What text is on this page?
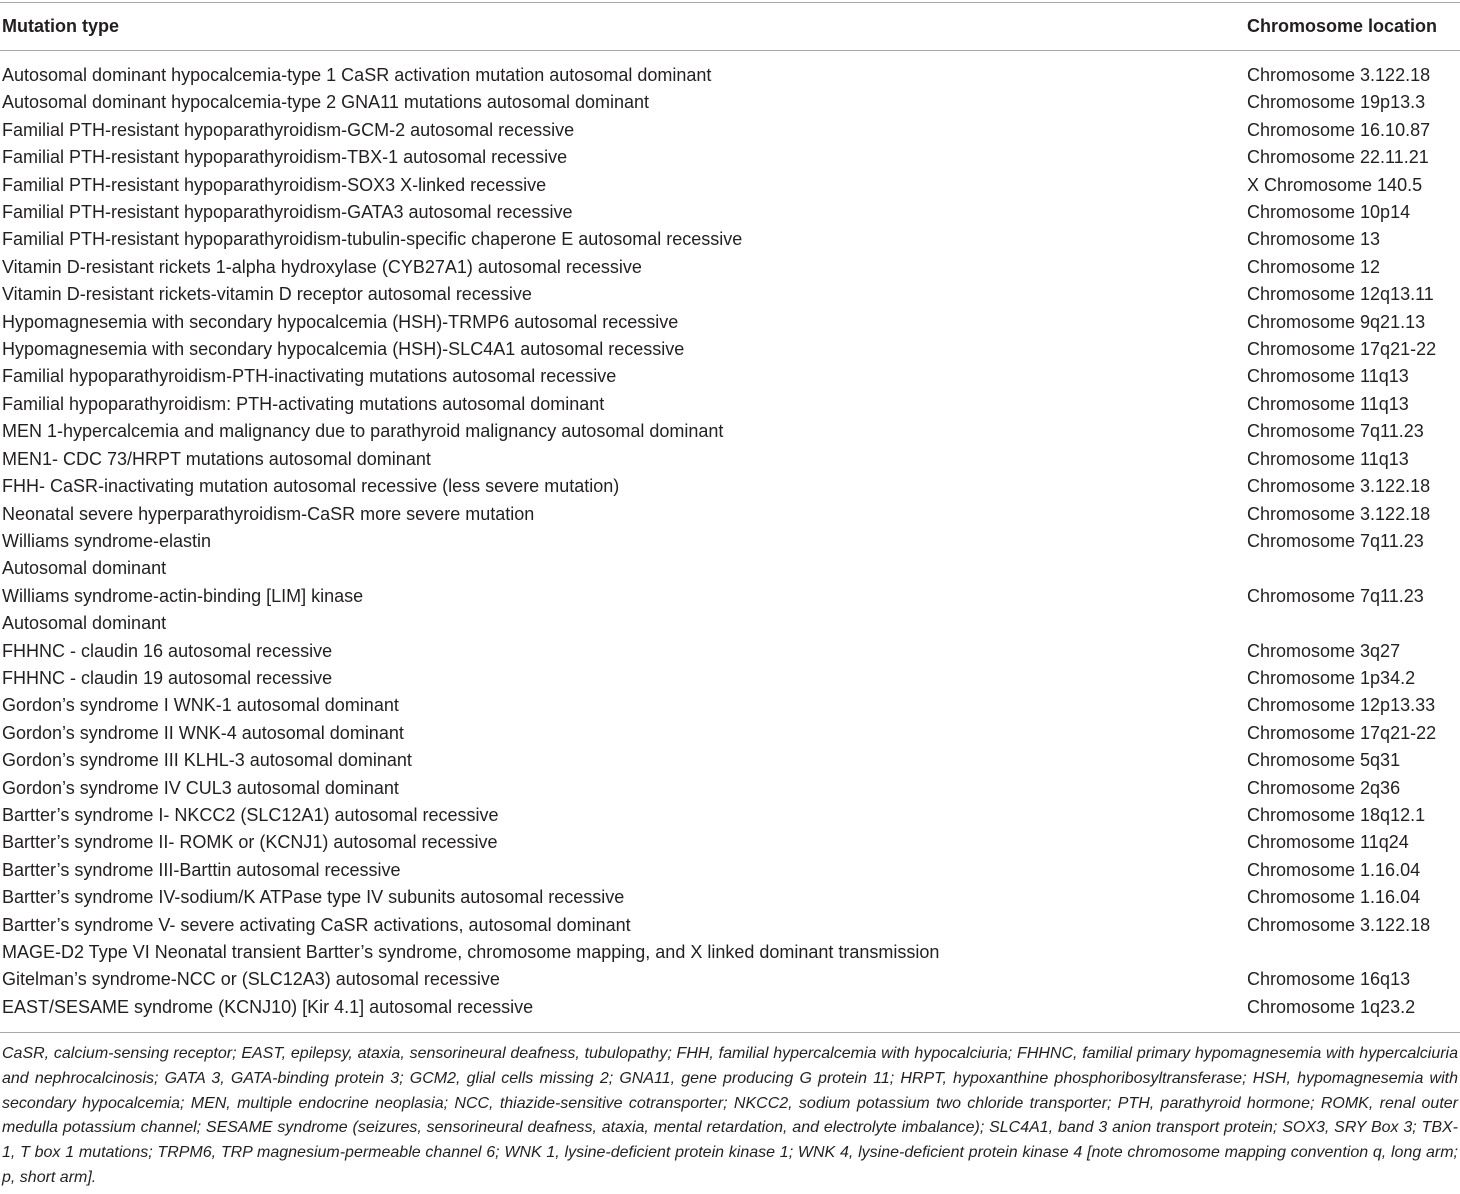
Mutation type	Chromosome location
Autosomal dominant hypocalcemia-type 1 CaSR activation mutation autosomal dominant	Chromosome 3.122.18
Autosomal dominant hypocalcemia-type 2 GNA11 mutations autosomal dominant	Chromosome 19p13.3
Familial PTH-resistant hypoparathyroidism-GCM-2 autosomal recessive	Chromosome 16.10.87
Familial PTH-resistant hypoparathyroidism-TBX-1 autosomal recessive	Chromosome 22.11.21
Familial PTH-resistant hypoparathyroidism-SOX3 X-linked recessive	X Chromosome 140.5
Familial PTH-resistant hypoparathyroidism-GATA3 autosomal recessive	Chromosome 10p14
Familial PTH-resistant hypoparathyroidism-tubulin-specific chaperone E autosomal recessive	Chromosome 13
Vitamin D-resistant rickets 1-alpha hydroxylase (CYB27A1) autosomal recessive	Chromosome 12
Vitamin D-resistant rickets-vitamin D receptor autosomal recessive	Chromosome 12q13.11
Hypomagnesemia with secondary hypocalcemia (HSH)-TRMP6 autosomal recessive	Chromosome 9q21.13
Hypomagnesemia with secondary hypocalcemia (HSH)-SLC4A1 autosomal recessive	Chromosome 17q21-22
Familial hypoparathyroidism-PTH-inactivating mutations autosomal recessive	Chromosome 11q13
Familial hypoparathyroidism: PTH-activating mutations autosomal dominant	Chromosome 11q13
MEN 1-hypercalcemia and malignancy due to parathyroid malignancy autosomal dominant	Chromosome 7q11.23
MEN1- CDC 73/HRPT mutations autosomal dominant	Chromosome 11q13
FHH- CaSR-inactivating mutation autosomal recessive (less severe mutation)	Chromosome 3.122.18
Neonatal severe hyperparathyroidism-CaSR more severe mutation	Chromosome 3.122.18
Williams syndrome-elastin	Chromosome 7q11.23
Autosomal dominant
Williams syndrome-actin-binding [LIM] kinase	Chromosome 7q11.23
Autosomal dominant
FHHNC - claudin 16 autosomal recessive	Chromosome 3q27
FHHNC - claudin 19 autosomal recessive	Chromosome 1p34.2
Gordon’s syndrome I WNK-1 autosomal dominant	Chromosome 12p13.33
Gordon’s syndrome II WNK-4 autosomal dominant	Chromosome 17q21-22
Gordon’s syndrome III KLHL-3 autosomal dominant	Chromosome 5q31
Gordon’s syndrome IV CUL3 autosomal dominant	Chromosome 2q36
Bartter’s syndrome I- NKCC2 (SLC12A1) autosomal recessive	Chromosome 18q12.1
Bartter’s syndrome II- ROMK or (KCNJ1) autosomal recessive	Chromosome 11q24
Bartter’s syndrome III-Barttin autosomal recessive	Chromosome 1.16.04
Bartter’s syndrome IV-sodium/K ATPase type IV subunits autosomal recessive	Chromosome 1.16.04
Bartter’s syndrome V- severe activating CaSR activations, autosomal dominant	Chromosome 3.122.18
MAGE-D2 Type VI Neonatal transient Bartter’s syndrome, chromosome mapping, and X linked dominant transmission
Gitelman’s syndrome-NCC or (SLC12A3) autosomal recessive	Chromosome 16q13
EAST/SESAME syndrome (KCNJ10) [Kir 4.1] autosomal recessive	Chromosome 1q23.2
CaSR, calcium-sensing receptor; EAST, epilepsy, ataxia, sensorineural deafness, tubulopathy; FHH, familial hypercalcemia with hypocalciuria; FHHNC, familial primary hypomagnesemia with hypercalciuria and nephrocalcinosis; GATA 3, GATA-binding protein 3; GCM2, glial cells missing 2; GNA11, gene producing G protein 11; HRPT, hypoxanthine phosphoribosyltransferase; HSH, hypomagnesemia with secondary hypocalcemia; MEN, multiple endocrine neoplasia; NCC, thiazide-sensitive cotransporter; NKCC2, sodium potassium two chloride transporter; PTH, parathyroid hormone; ROMK, renal outer medulla potassium channel; SESAME syndrome (seizures, sensorineural deafness, ataxia, mental retardation, and electrolyte imbalance); SLC4A1, band 3 anion transport protein; SOX3, SRY Box 3; TBX-1, T box 1 mutations; TRPM6, TRP magnesium-permeable channel 6; WNK 1, lysine-deficient protein kinase 1; WNK 4, lysine-deficient protein kinase 4 [note chromosome mapping convention q, long arm; p, short arm].
